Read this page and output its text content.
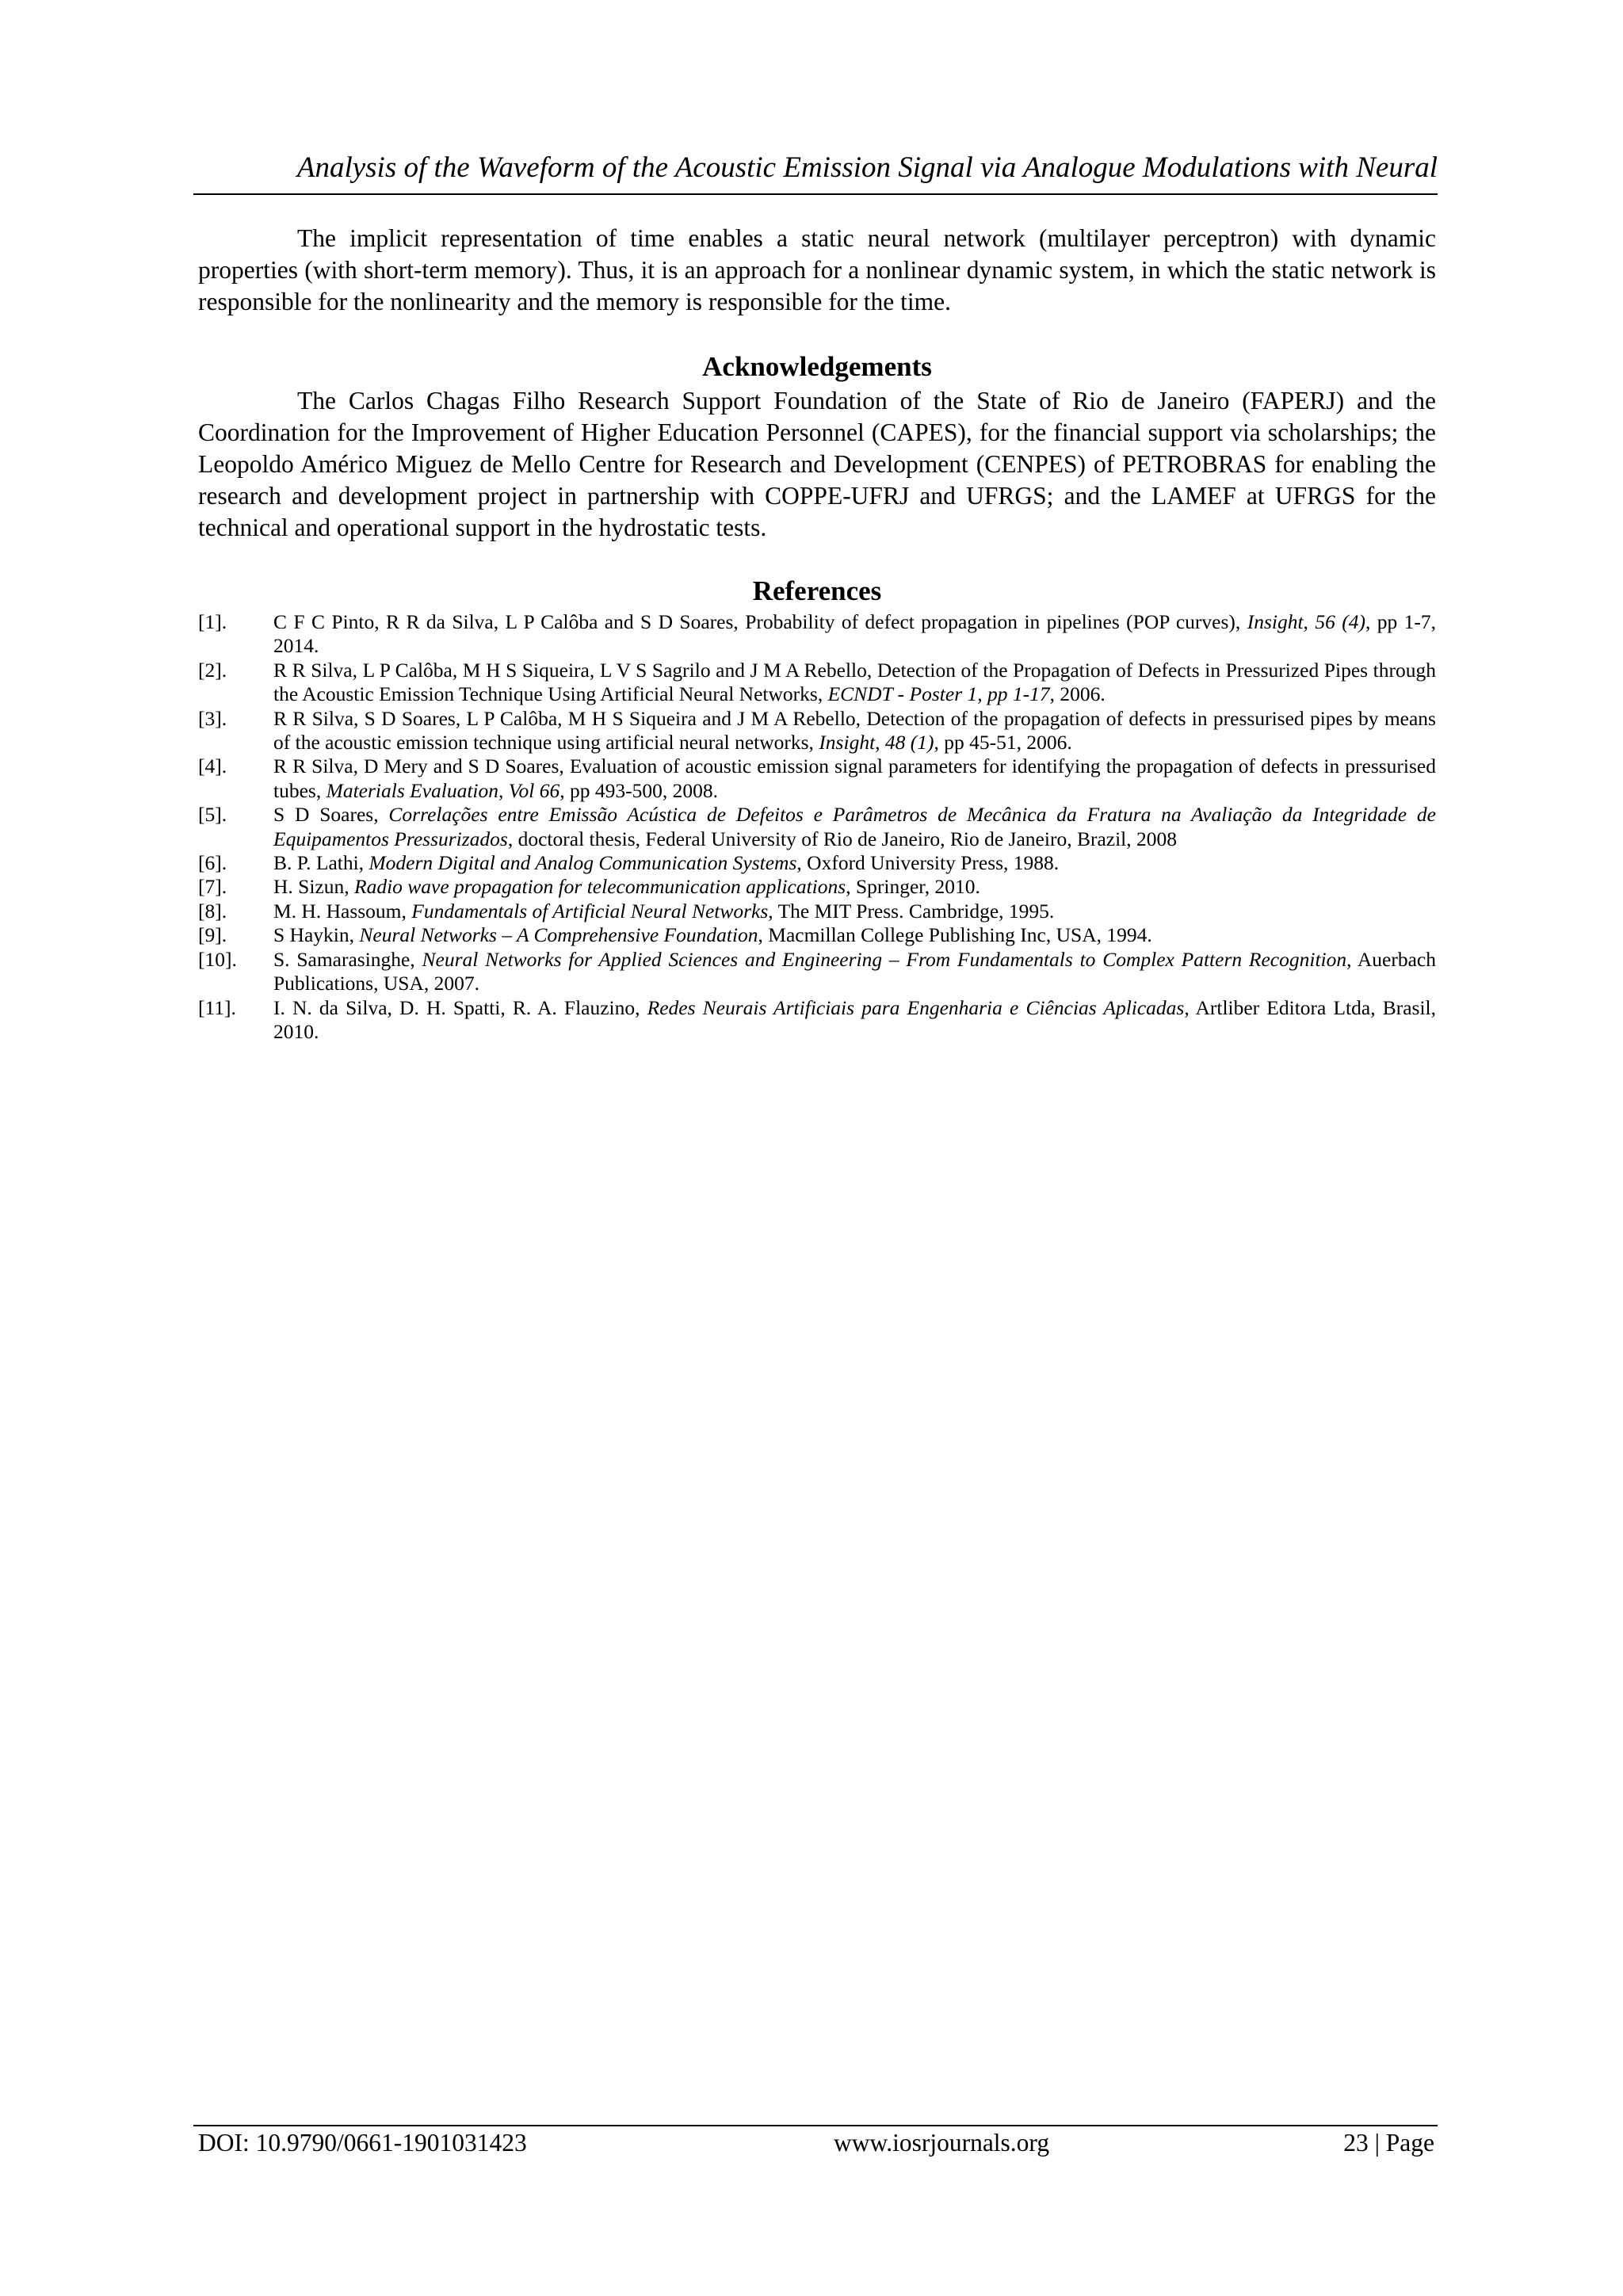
Analysis of the Waveform of the Acoustic Emission Signal via Analogue Modulations with Neural

The implicit representation of time enables a static neural network (multilayer perceptron) with dynamic properties (with short-term memory). Thus, it is an approach for a nonlinear dynamic system, in which the static network is responsible for the nonlinearity and the memory is responsible for the time.

Acknowledgements

The Carlos Chagas Filho Research Support Foundation of the State of Rio de Janeiro (FAPERJ) and the Coordination for the Improvement of Higher Education Personnel (CAPES), for the financial support via scholarships; the Leopoldo Américo Miguez de Mello Centre for Research and Development (CENPES) of PETROBRAS for enabling the research and development project in partnership with COPPE-UFRJ and UFRGS; and the LAMEF at UFRGS for the technical and operational support in the hydrostatic tests.

References
[1].	C F C Pinto, R R da Silva, L P Calôba and S D Soares, Probability of defect propagation in pipelines (POP curves), Insight, 56 (4), pp 1-7, 2014.
[2].	R R Silva, L P Calôba, M H S Siqueira, L V S Sagrilo and J M A Rebello, Detection of the Propagation of Defects in Pressurized Pipes through the Acoustic Emission Technique Using Artificial Neural Networks, ECNDT - Poster 1, pp 1-17, 2006.
[3].	R R Silva, S D Soares, L P Calôba, M H S Siqueira and J M A Rebello, Detection of the propagation of defects in pressurised pipes by means of the acoustic emission technique using artificial neural networks, Insight, 48 (1), pp 45-51, 2006.
[4].	R R Silva, D Mery and S D Soares, Evaluation of acoustic emission signal parameters for identifying the propagation of defects in pressurised tubes, Materials Evaluation, Vol 66, pp 493-500, 2008.
[5].	S D Soares, Correlações entre Emissão Acústica de Defeitos e Parâmetros de Mecânica da Fratura na Avaliação da Integridade de Equipamentos Pressurizados, doctoral thesis, Federal University of Rio de Janeiro, Rio de Janeiro, Brazil, 2008
[6].	B. P. Lathi, Modern Digital and Analog Communication Systems, Oxford University Press, 1988.
[7].	H. Sizun, Radio wave propagation for telecommunication applications, Springer, 2010.
[8].	M. H. Hassoum, Fundamentals of Artificial Neural Networks, The MIT Press. Cambridge, 1995.
[9].	S Haykin, Neural Networks – A Comprehensive Foundation, Macmillan College Publishing Inc, USA, 1994.
[10].	S. Samarasinghe, Neural Networks for Applied Sciences and Engineering – From Fundamentals to Complex Pattern Recognition, Auerbach Publications, USA, 2007.
[11].	I. N. da Silva, D. H. Spatti, R. A. Flauzino, Redes Neurais Artificiais para Engenharia e Ciências Aplicadas, Artliber Editora Ltda, Brasil, 2010.
DOI: 10.9790/0661-1901031423	www.iosrjournals.org	23 | Page
